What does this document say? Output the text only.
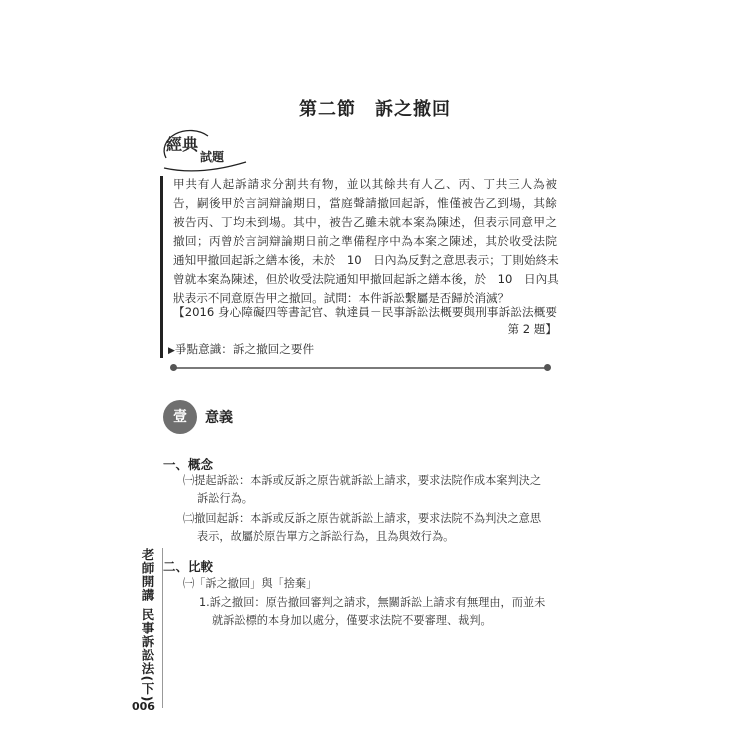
第二節　訴之撤回
經典
試題
甲共有人起訴請求分割共有物，並以其餘共有人乙、丙、丁共三人為被
告，嗣後甲於言詞辯論期日，當庭聲請撤回起訴，惟僅被告乙到場，其餘
被告丙、丁均未到場。其中，被告乙雖未就本案為陳述，但表示同意甲之
撤回；丙曾於言詞辯論期日前之準備程序中為本案之陳述，其於收受法院
通知甲撤回起訴之繕本後，未於　10　日內為反對之意思表示；丁則始終未
曾就本案為陳述，但於收受法院通知甲撤回起訴之繕本後，於　10　日內具
狀表示不同意原告甲之撤回。試問：本件訴訟繫屬是否歸於消滅？
【2016 身心障礙四等書記官、執達員－民事訴訟法概要與刑事訴訟法概要
第 2 題】
▶爭點意識：訴之撤回之要件
壹	意義
一、概念
㈠提起訴訟：本訴或反訴之原告就訴訟上請求，要求法院作成本案判決之
訴訟行為。
㈡撤回起訴：本訴或反訴之原告就訴訟上請求，要求法院不為判決之意思
表示，故屬於原告單方之訴訟行為，且為與效行為。
二、比較
㈠「訴之撤回」與「捨棄」
1.訴之撤回：原告撤回審判之請求，無關訴訟上請求有無理由，而並未
就訴訟標的本身加以處分，僅要求法院不要審理、裁判。
老師開講
民事訴訟法(下)
006
